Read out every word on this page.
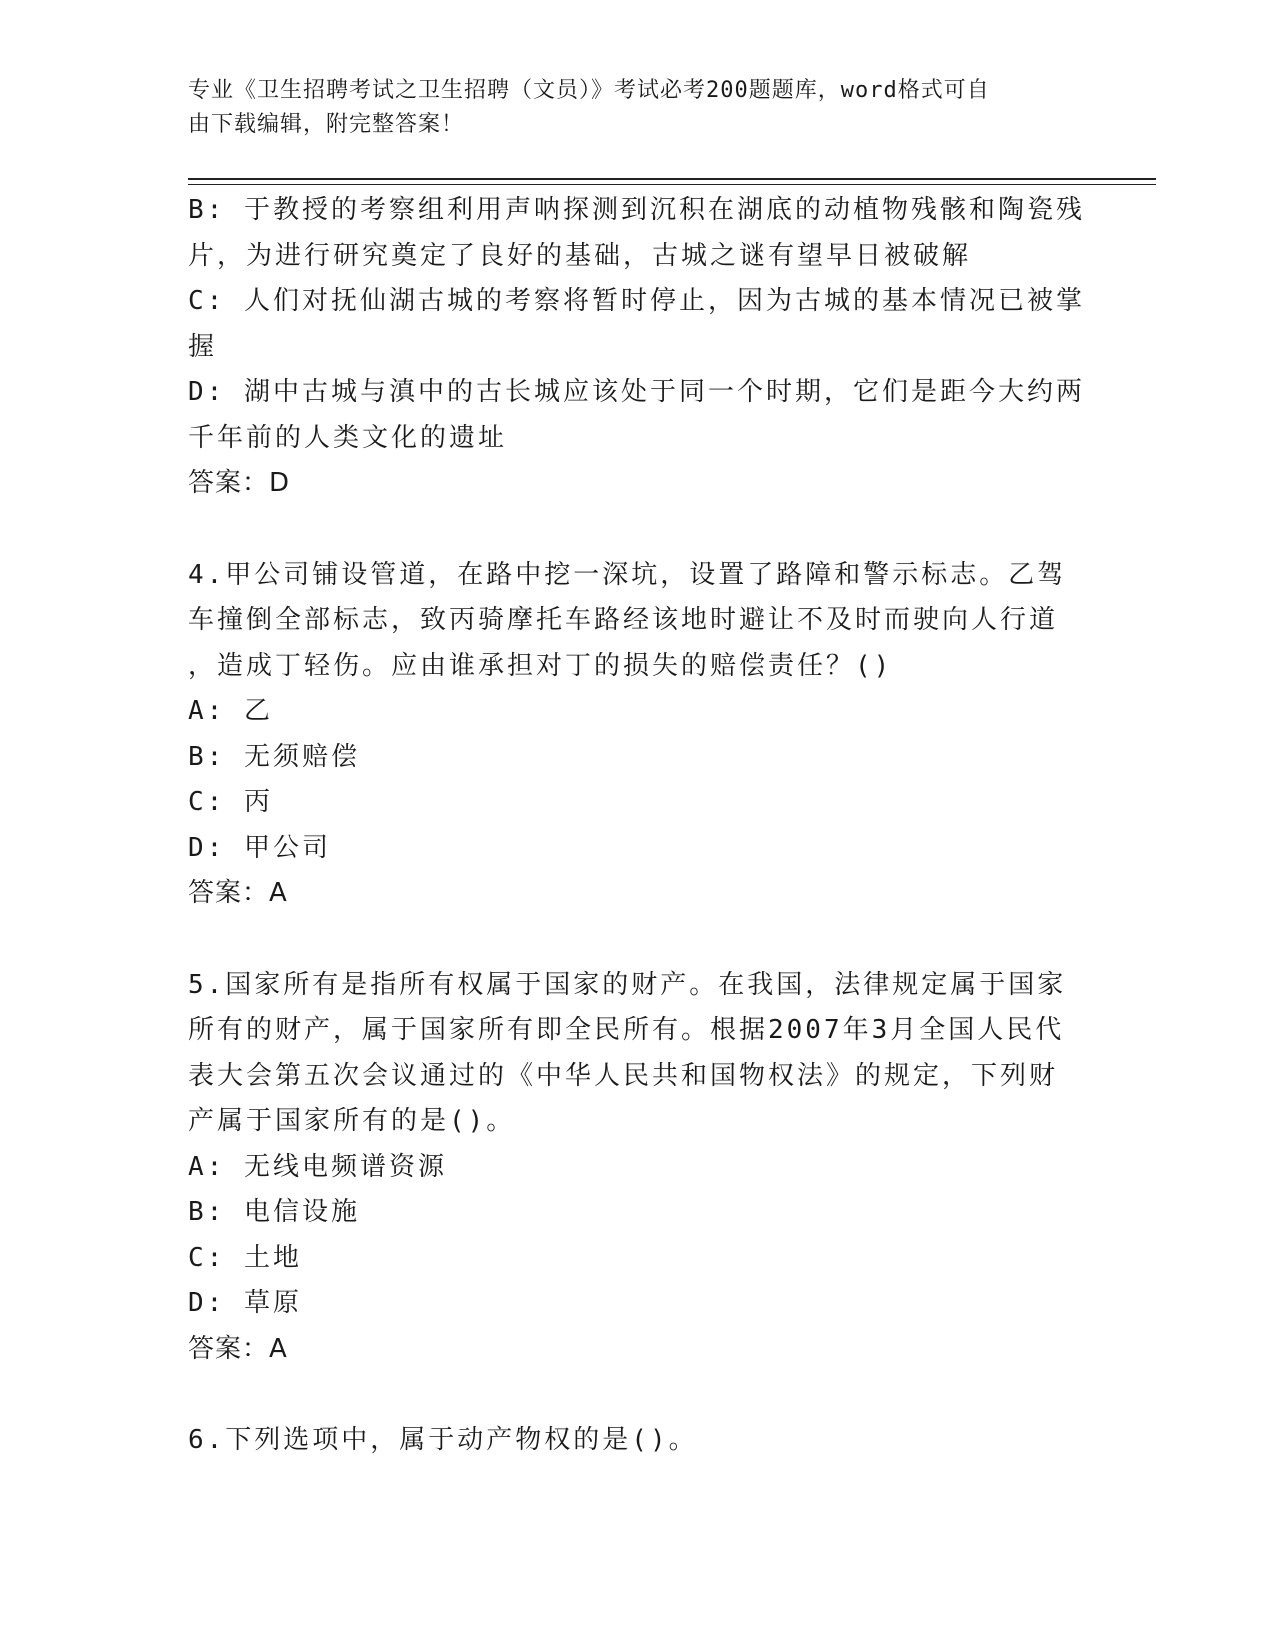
专业《卫生招聘考试之卫生招聘（文员）》考试必考200题题库，word格式可自
由下载编辑，附完整答案！
B: 于教授的考察组利用声呐探测到沉积在湖底的动植物残骸和陶瓷残
片，为进行研究奠定了良好的基础，古城之谜有望早日被破解
C: 人们对抚仙湖古城的考察将暂时停止，因为古城的基本情况已被掌
握
D: 湖中古城与滇中的古长城应该处于同一个时期，它们是距今大约两
千年前的人类文化的遗址
答案：D
4.甲公司铺设管道，在路中挖一深坑，设置了路障和警示标志。乙驾
车撞倒全部标志，致丙骑摩托车路经该地时避让不及时而驶向人行道
，造成丁轻伤。应由谁承担对丁的损失的赔偿责任？()
A: 乙
B: 无须赔偿
C: 丙
D: 甲公司
答案：A
5.国家所有是指所有权属于国家的财产。在我国，法律规定属于国家
所有的财产，属于国家所有即全民所有。根据2007年3月全国人民代
表大会第五次会议通过的《中华人民共和国物权法》的规定，下列财
产属于国家所有的是()。
A: 无线电频谱资源
B: 电信设施
C: 土地
D: 草原
答案：A
6.下列选项中，属于动产物权的是()。
